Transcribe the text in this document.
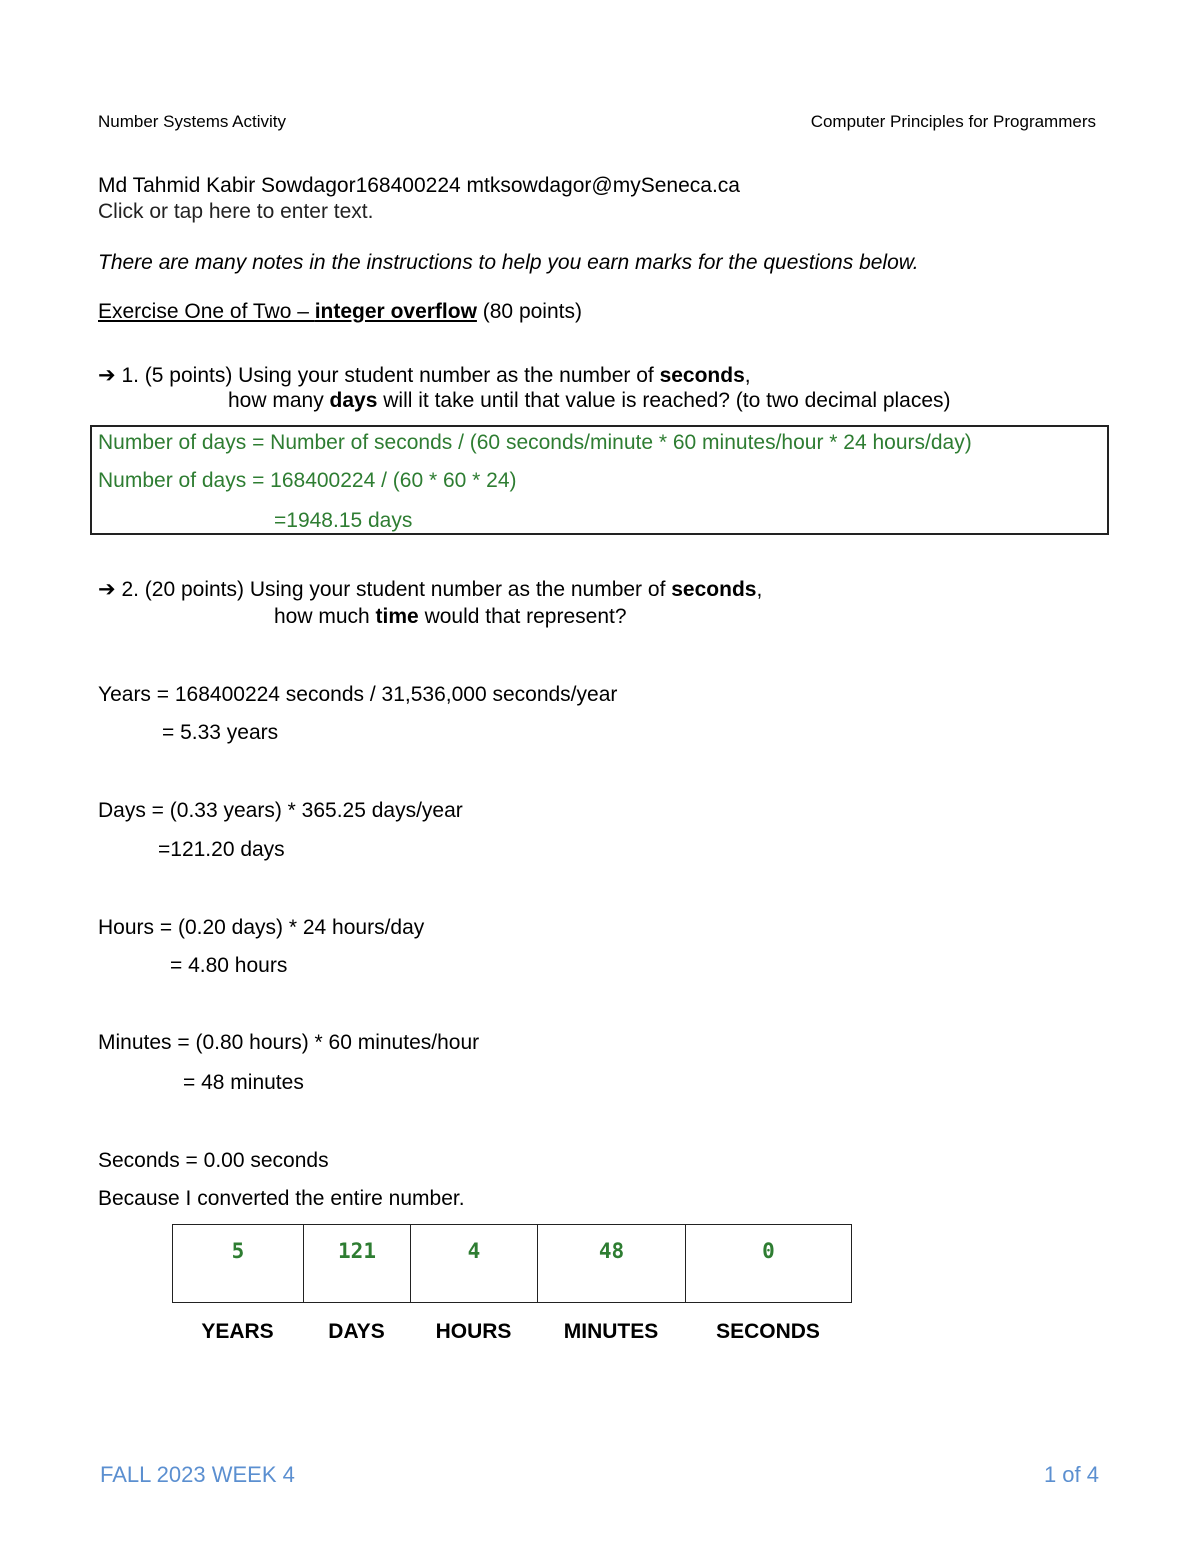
Number Systems Activity	Computer Principles for Programmers
Md Tahmid Kabir Sowdagor168400224 mtksowdagor@mySeneca.ca
Click or tap here to enter text.
There are many notes in the instructions to help you earn marks for the questions below.
Exercise One of Two – integer overflow (80 points)
➔ 1. (5 points) Using your student number as the number of seconds,
how many days will it take until that value is reached? (to two decimal places)
Number of days = Number of seconds / (60 seconds/minute * 60 minutes/hour * 24 hours/day)
Number of days = 168400224 / (60 * 60 * 24)
=1948.15 days
➔ 2. (20 points) Using your student number as the number of seconds,
how much time would that represent?
Years = 168400224 seconds / 31,536,000 seconds/year
= 5.33 years
Days = (0.33 years) * 365.25 days/year
=121.20 days
Hours = (0.20 days) * 24 hours/day
= 4.80 hours
Minutes = (0.80 hours) * 60 minutes/hour
= 48 minutes
Seconds = 0.00 seconds
Because I converted the entire number.
5	121	4	48	0
YEARS	DAYS	HOURS	MINUTES	SECONDS
FALL 2023 WEEK 4	1 of 4
